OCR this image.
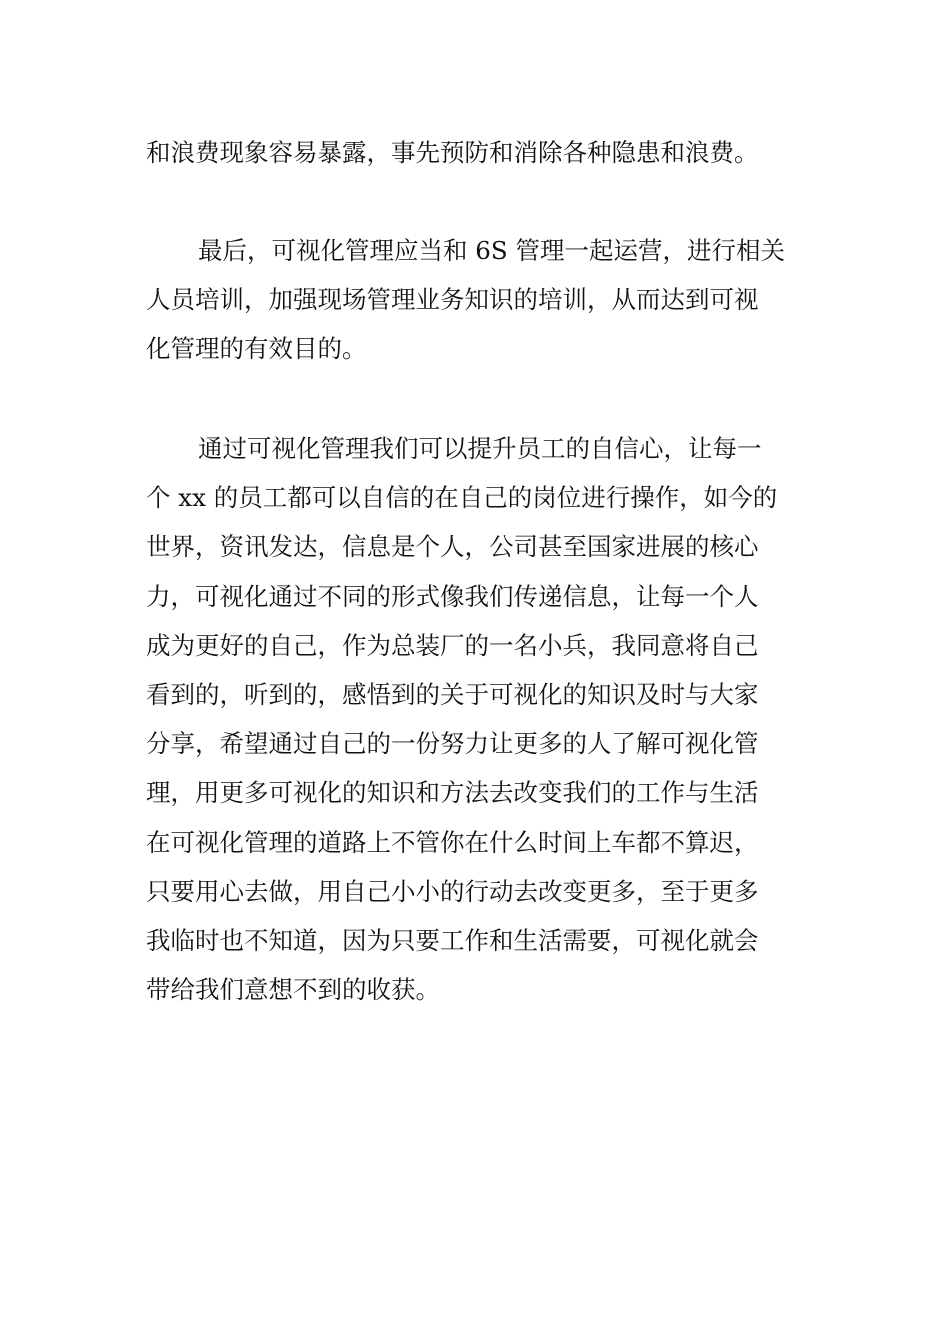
和浪费现象容易暴露，事先预防和消除各种隐患和浪费。
最后，可视化管理应当和 6S 管理一起运营，进行相关
人员培训，加强现场管理业务知识的培训，从而达到可视
化管理的有效目的。
通过可视化管理我们可以提升员工的自信心，让每一
个 xx 的员工都可以自信的在自己的岗位进行操作，如今的
世界，资讯发达，信息是个人，公司甚至国家进展的核心
力，可视化通过不同的形式像我们传递信息，让每一个人
成为更好的自己，作为总装厂的一名小兵，我同意将自己
看到的，听到的，感悟到的关于可视化的知识及时与大家
分享，希望通过自己的一份努力让更多的人了解可视化管
理，用更多可视化的知识和方法去改变我们的工作与生活
在可视化管理的道路上不管你在什么时间上车都不算迟，
只要用心去做，用自己小小的行动去改变更多，至于更多
我临时也不知道，因为只要工作和生活需要，可视化就会
带给我们意想不到的收获。
